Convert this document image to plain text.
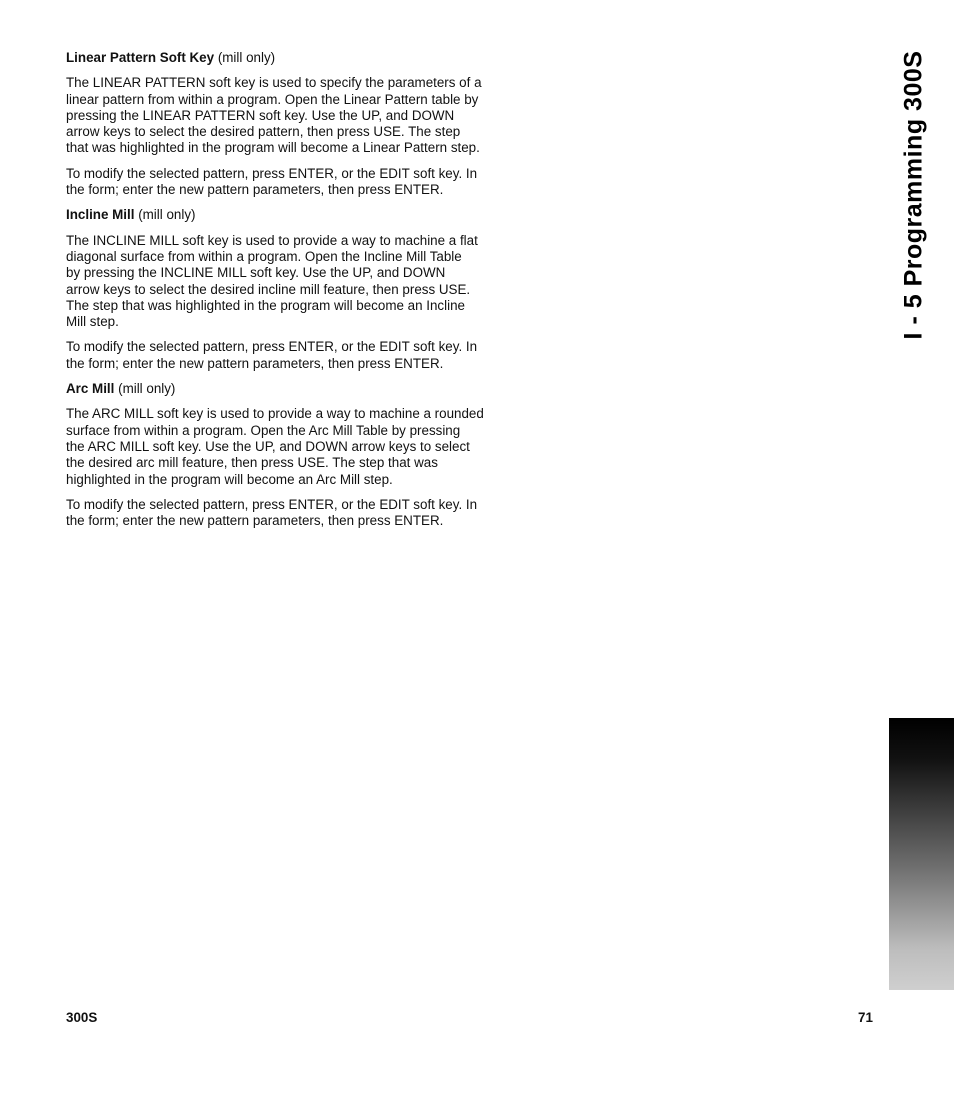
Linear Pattern Soft Key (mill only)
The LINEAR PATTERN soft key is used to specify the parameters of a
linear pattern from within a program. Open the Linear Pattern table by
pressing the LINEAR PATTERN soft key. Use the UP, and DOWN
arrow keys to select the desired pattern, then press USE. The step
that was highlighted in the program will become a Linear Pattern step.
To modify the selected pattern, press ENTER, or the EDIT soft key. In
the form; enter the new pattern parameters, then press ENTER.
Incline Mill (mill only)
The INCLINE MILL soft key is used to provide a way to machine a flat
diagonal surface from within a program. Open the Incline Mill Table
by pressing the INCLINE MILL soft key. Use the UP, and DOWN
arrow keys to select the desired incline mill feature, then press USE.
The step that was highlighted in the program will become an Incline
Mill step.
To modify the selected pattern, press ENTER, or the EDIT soft key. In
the form; enter the new pattern parameters, then press ENTER.
Arc Mill (mill only)
The ARC MILL soft key is used to provide a way to machine a rounded
surface from within a program. Open the Arc Mill Table by pressing
the ARC MILL soft key. Use the UP, and DOWN arrow keys to select
the desired arc mill feature, then press USE. The step that was
highlighted in the program will become an Arc Mill step.
To modify the selected pattern, press ENTER, or the EDIT soft key. In
the form; enter the new pattern parameters, then press ENTER.
I - 5 Programming 300S
300S	71
